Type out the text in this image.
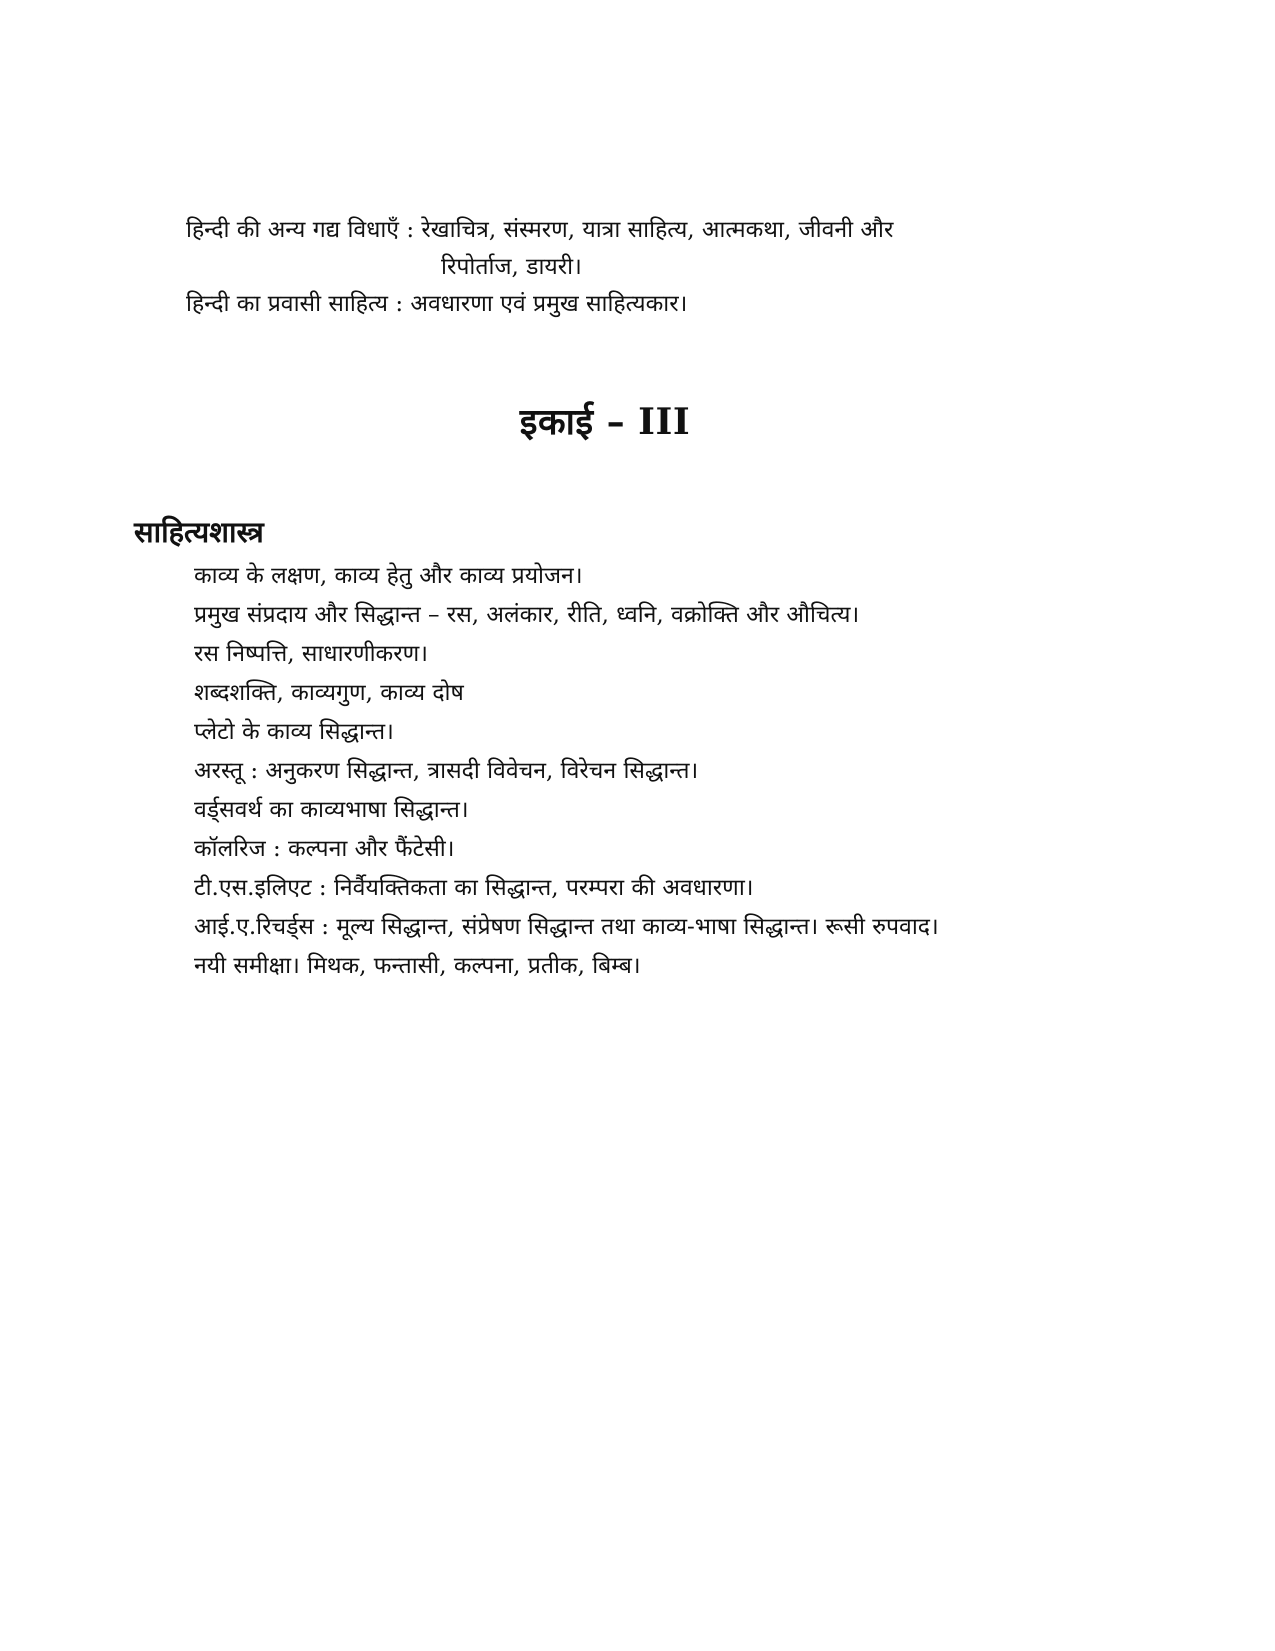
हिन्दी की अन्य गद्य विधाएँ : रेखाचित्र, संस्मरण, यात्रा साहित्य, आत्मकथा, जीवनी और
रिपोर्ताज, डायरी।
हिन्दी का प्रवासी साहित्य : अवधारणा एवं प्रमुख साहित्यकार।
इकाई – III
साहित्यशास्त्र
काव्य के लक्षण, काव्य हेतु और काव्य प्रयोजन।
प्रमुख संप्रदाय और सिद्धान्त – रस, अलंकार, रीति, ध्वनि, वक्रोक्ति और औचित्य।
रस निष्पत्ति, साधारणीकरण।
शब्दशक्ति, काव्यगुण, काव्य दोष
प्लेटो के काव्य सिद्धान्त।
अरस्तू : अनुकरण सिद्धान्त, त्रासदी विवेचन, विरेचन सिद्धान्त।
वर्ड्सवर्थ का काव्यभाषा सिद्धान्त।
कॉलरिज : कल्पना और फैंटेसी।
टी.एस.इलिएट : निर्वैयक्तिकता का सिद्धान्त, परम्परा की अवधारणा।
आई.ए.रिचर्ड्स : मूल्य सिद्धान्त, संप्रेषण सिद्धान्त तथा काव्य-भाषा सिद्धान्त। रूसी रुपवाद।
नयी समीक्षा। मिथक, फन्तासी, कल्पना, प्रतीक, बिम्ब।
